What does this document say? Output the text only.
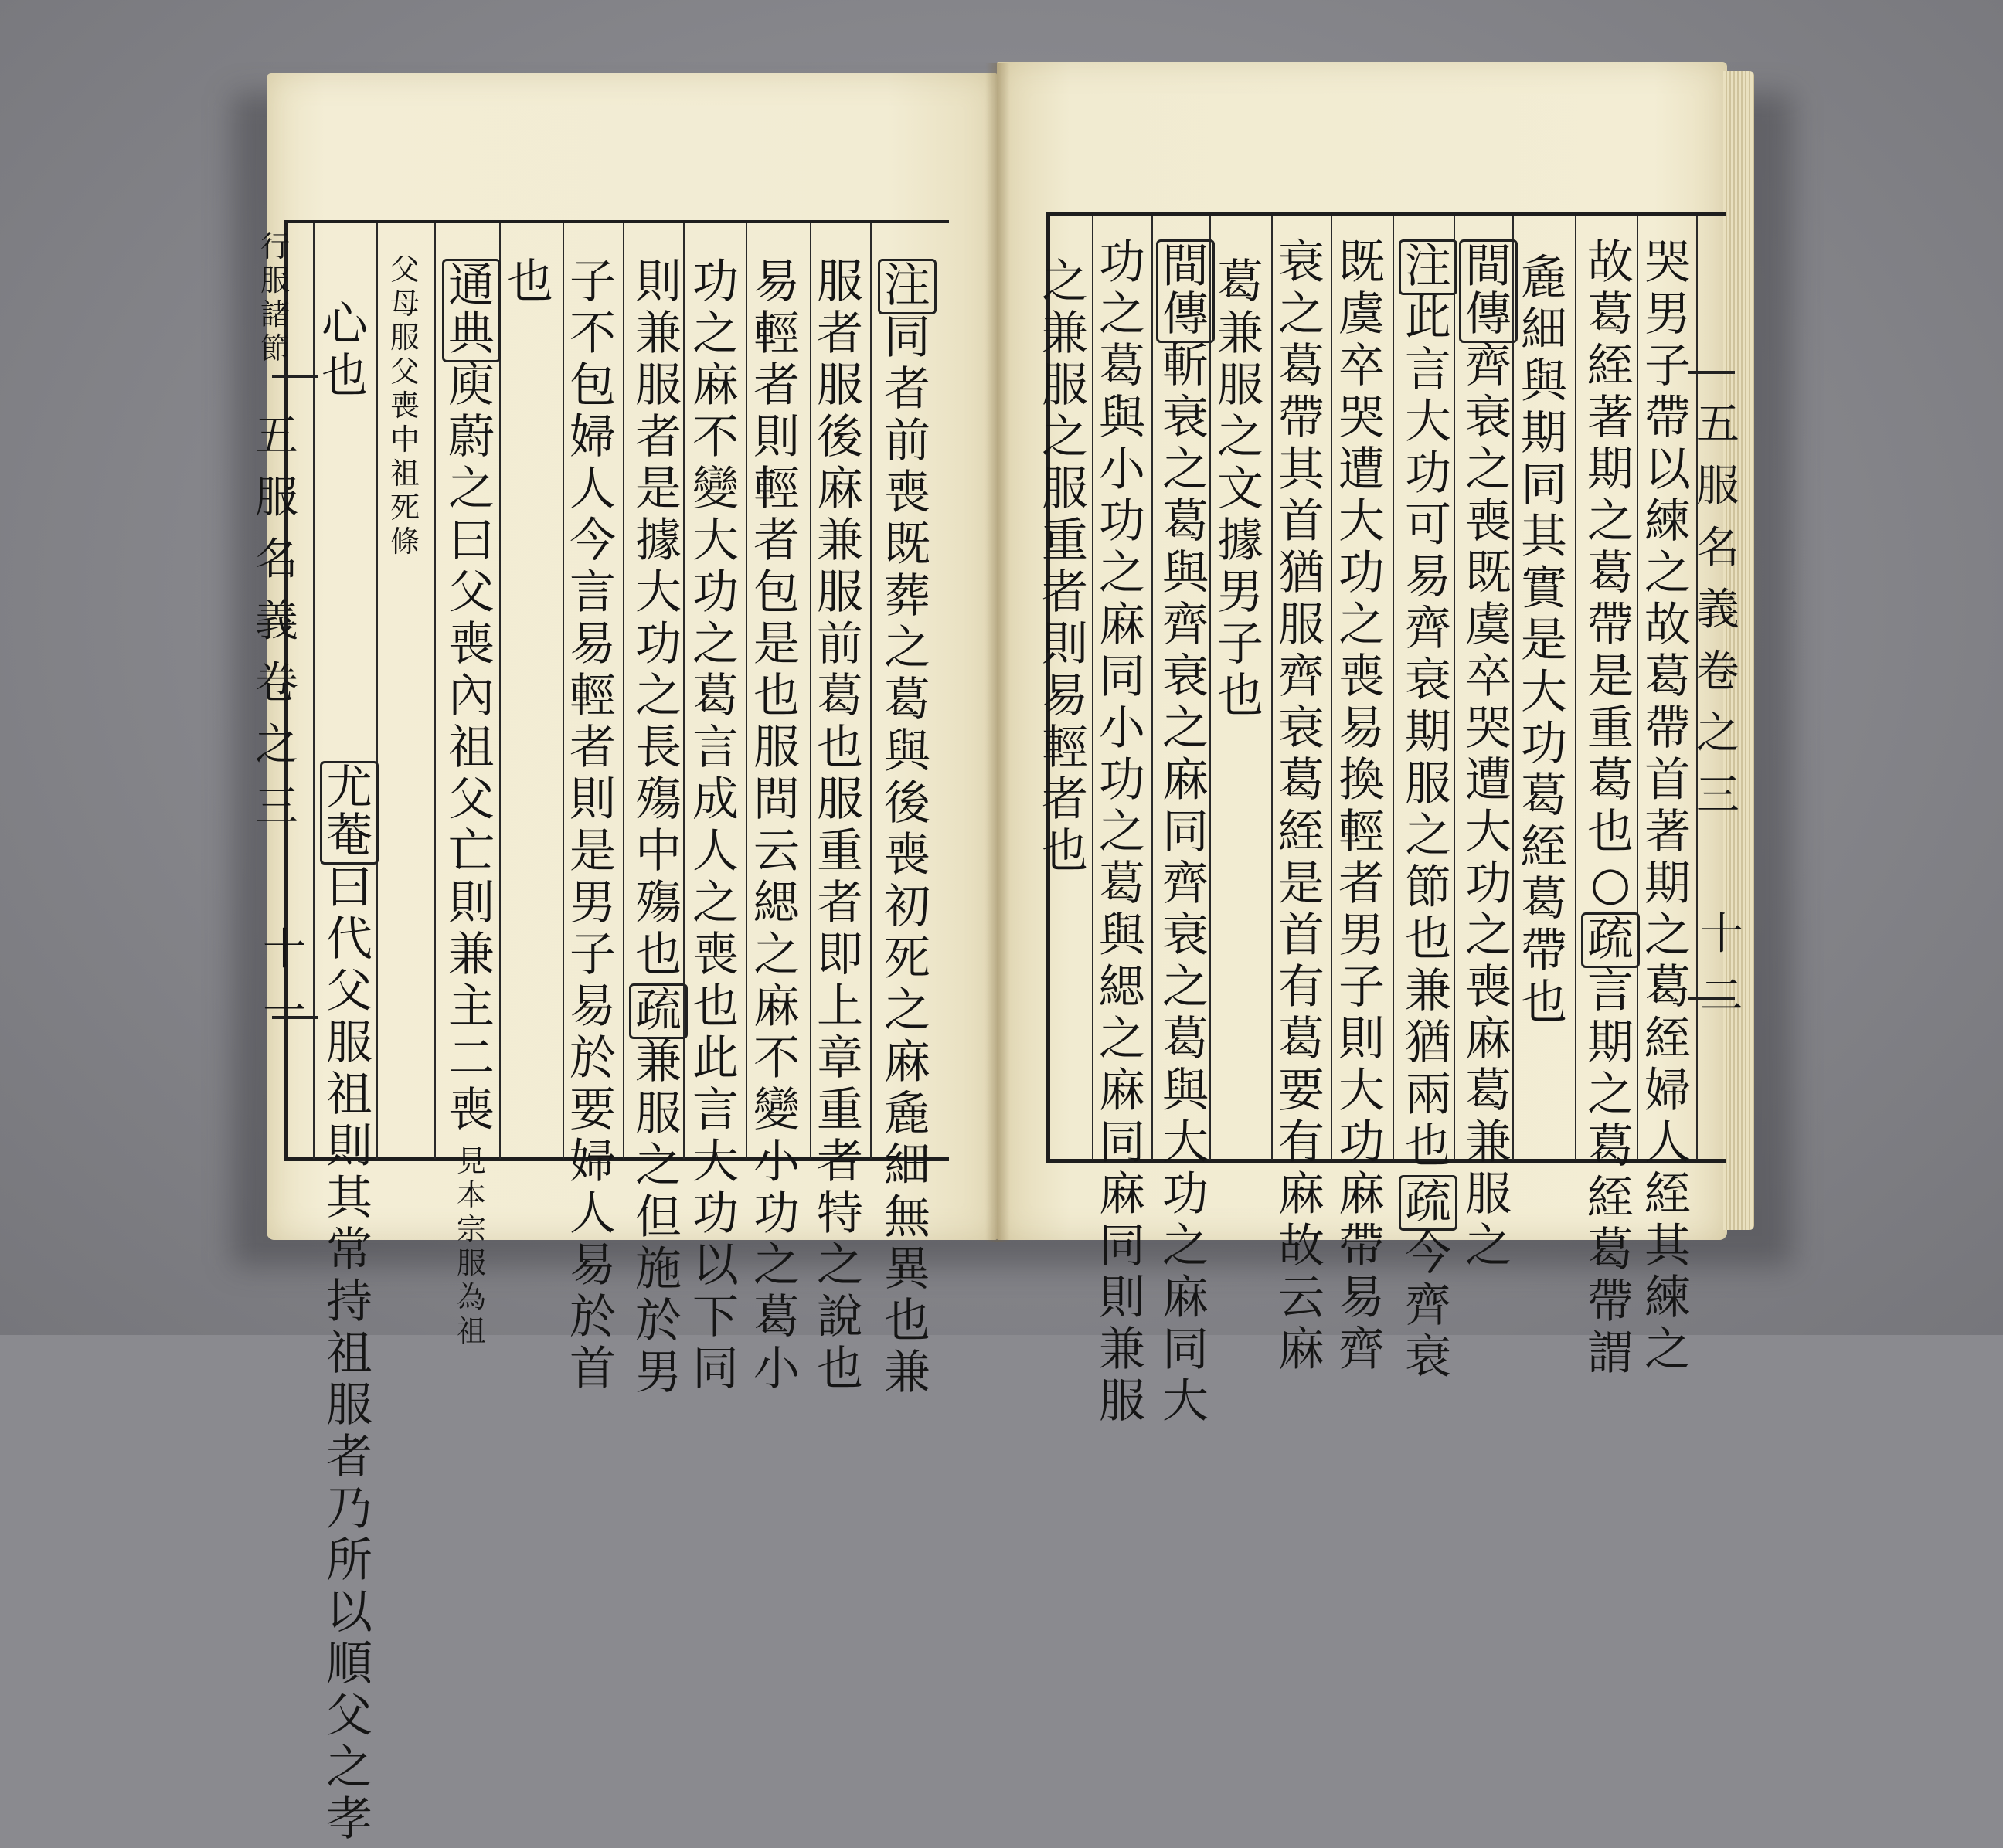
行
服
諸
節
五
服
名
義
卷
之
三
十
一
五
服
名
義
卷
之
三
十
二
注
同
者
前
喪
既
葬
之
葛
與
後
喪
初
死
之
麻
麁
細
無
異
也
兼
服
者
服
後
麻
兼
服
前
葛
也
服
重
者
即
上
章
重
者
特
之
說
也
易
輕
者
則
輕
者
包
是
也
服
問
云
緦
之
麻
不
變
小
功
之
葛
小
功
之
麻
不
變
大
功
之
葛
言
成
人
之
喪
也
此
言
大
功
以
下
同
則
兼
服
者
是
據
大
功
之
長
殤
中
殤
也
疏
兼
服
之
但
施
於
男
子
不
包
婦
人
今
言
易
輕
者
則
是
男
子
易
於
要
婦
人
易
於
首
也
通
典
庾
蔚
之
曰
父
喪
內
祖
父
亡
則
兼
主
二
喪
見
本
宗
服
為
祖
父
母
服
父
喪
中
祖
死
條
尤
菴
曰
代
父
服
祖
則
其
常
持
祖
服
者
乃
所
以
順
父
之
孝
心
也
哭
男
子
帶
以
練
之
故
葛
帶
首
著
期
之
葛
絰
婦
人
絰
其
練
之
故
葛
絰
著
期
之
葛
帶
是
重
葛
也
○
疏
言
期
之
葛
絰
葛
帶
謂
麁
細
與
期
同
其
實
是
大
功
葛
絰
葛
帶
也
間
傳
齊
衰
之
喪
既
虞
卒
哭
遭
大
功
之
喪
麻
葛
兼
服
之
注
此
言
大
功
可
易
齊
衰
期
服
之
節
也
兼
猶
兩
也
疏
今
齊
衰
既
虞
卒
哭
遭
大
功
之
喪
易
換
輕
者
男
子
則
大
功
麻
帶
易
齊
衰
之
葛
帶
其
首
猶
服
齊
衰
葛
絰
是
首
有
葛
要
有
麻
故
云
麻
葛
兼
服
之
文
據
男
子
也
間
傳
斬
衰
之
葛
與
齊
衰
之
麻
同
齊
衰
之
葛
與
大
功
之
麻
同
大
功
之
葛
與
小
功
之
麻
同
小
功
之
葛
與
緦
之
麻
同
麻
同
則
兼
服
之
兼
服
之
服
重
者
則
易
輕
者
也
